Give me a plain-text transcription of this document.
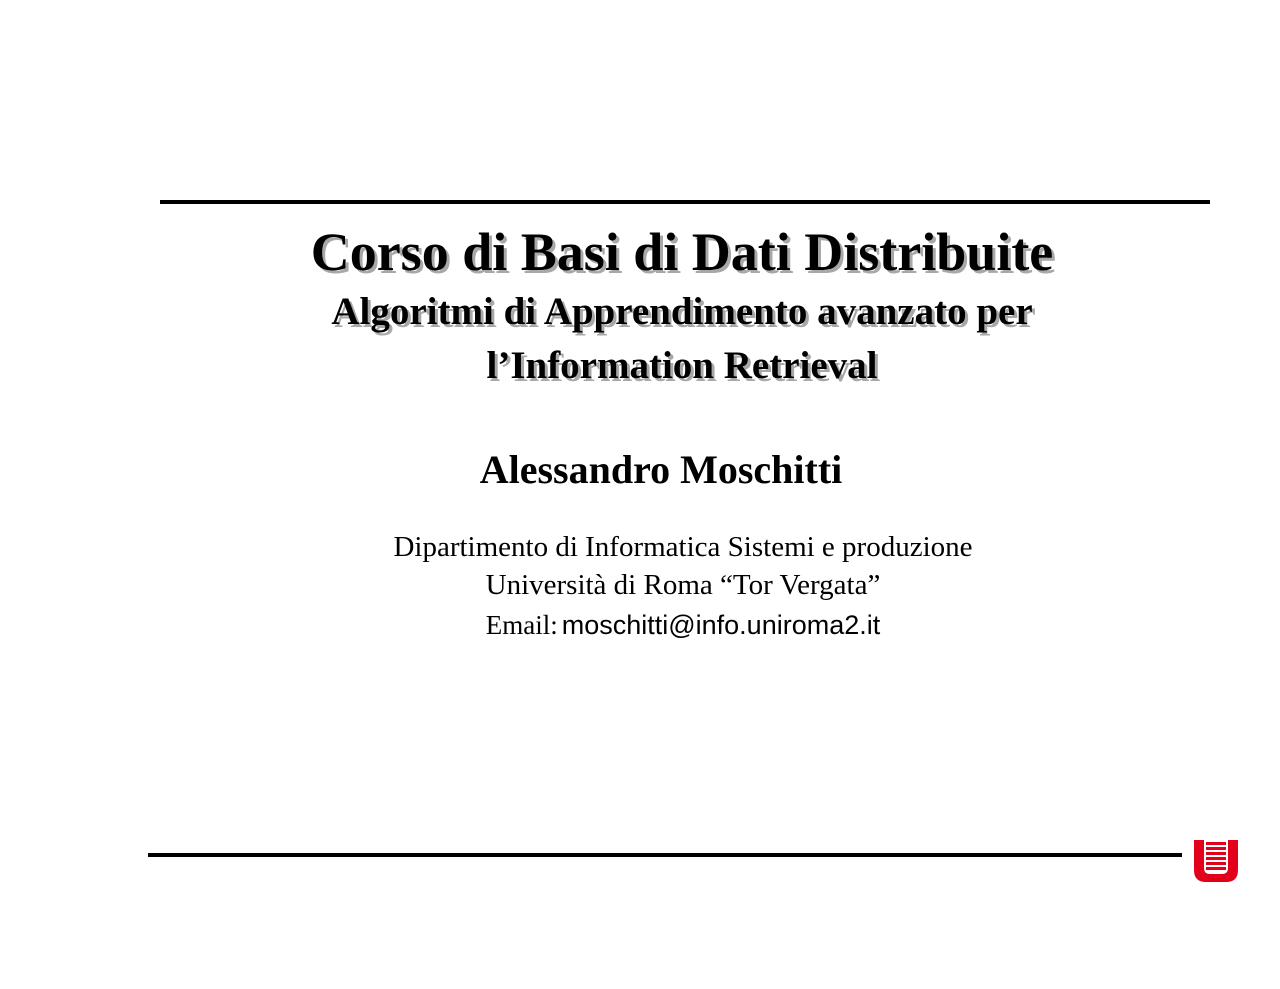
Corso di Basi di Dati Distribuite
Algoritmi di Apprendimento avanzato per
l’Information Retrieval
Alessandro Moschitti
Dipartimento di Informatica Sistemi e produzione
Università di Roma “Tor Vergata”
Email: moschitti@info.uniroma2.it
